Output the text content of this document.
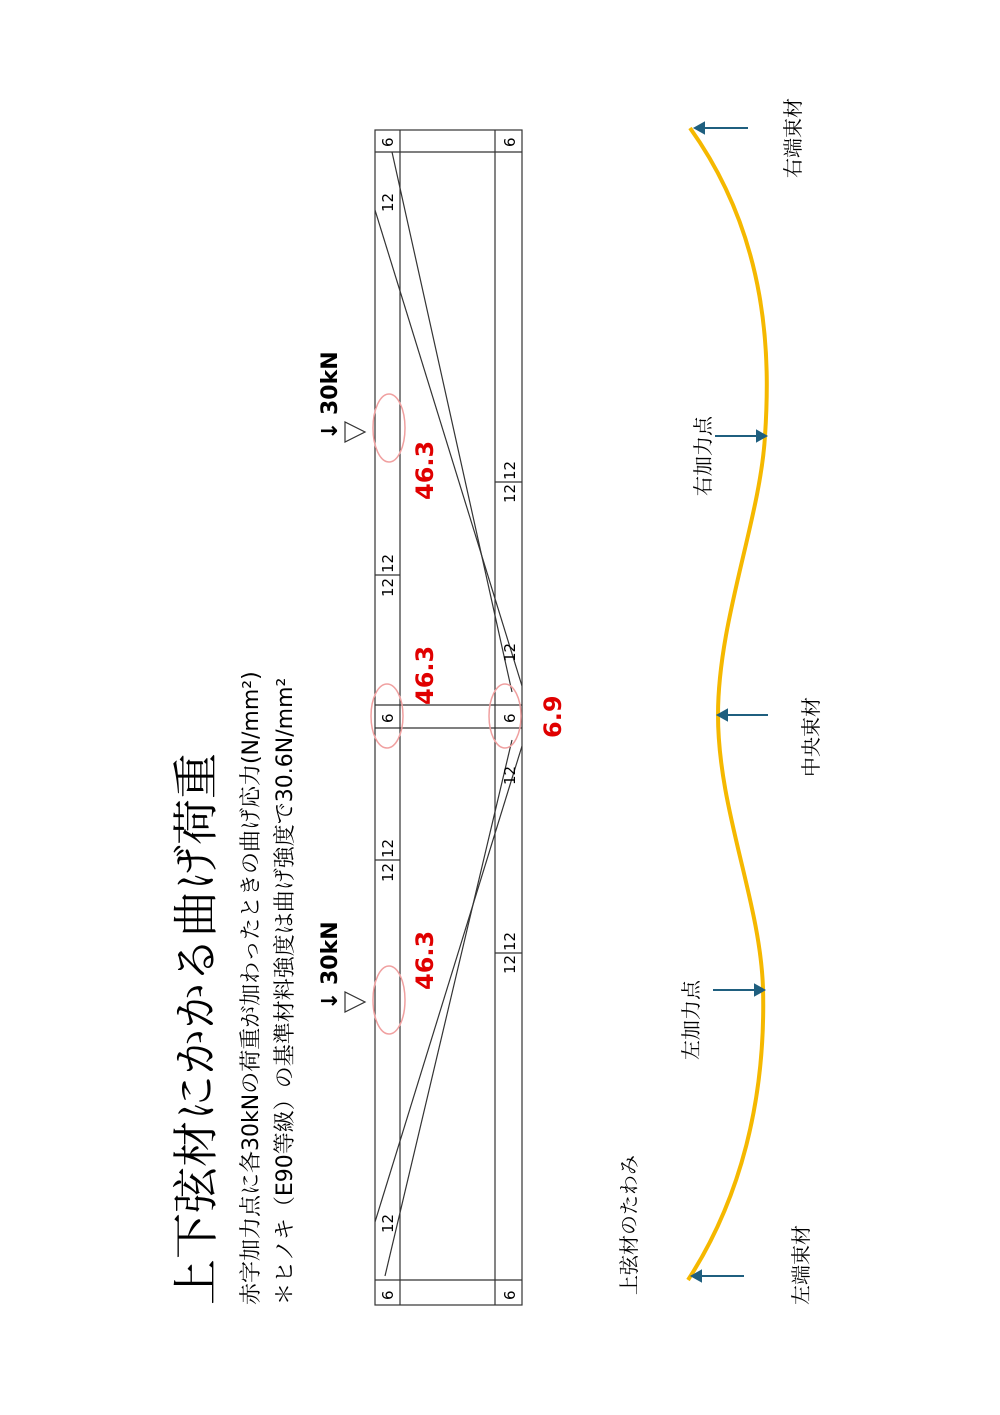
上下弦材にかかる曲げ荷重 赤字加力点に各30kNの荷重が加わったときの曲げ応力(N/mm²) ＊ヒノキ（E90等級）の基準材料強度は曲げ強度で30.6N/mm²
6	6
6	6
6	6
12
12
12
12
12
12
12
12
12
12
12
12
30kN
↓
30kN
↓
46.3
46.3
46.3
6.9
上弦材のたわみ
右端束材
右加力点
中央束材
左加力点
左端束材
